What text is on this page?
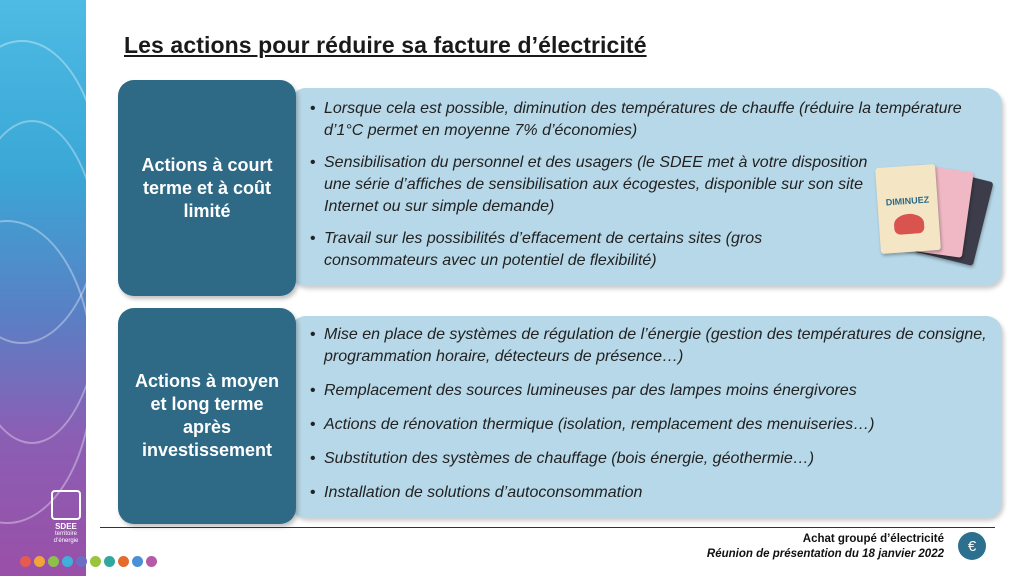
SDEE
territoire d’énergie
Les actions pour réduire sa facture d’électricité
Actions à court terme et à coût limité
• Lorsque cela est possible, diminution des températures de chauffe (réduire la température d’1°C permet en moyenne 7% d’économies)
• Sensibilisation du personnel et des usagers (le SDEE met à votre disposition une série d’affiches de sensibilisation aux écogestes, disponible sur son site Internet ou sur simple demande)
• Travail sur les possibilités d’effacement de certains sites (gros consommateurs avec un potentiel de flexibilité)
DIMINUEZ
Actions à moyen et long terme après investissement
• Mise en place de systèmes de régulation de l’énergie (gestion des températures de consigne, programmation horaire, détecteurs de présence…)
• Remplacement des sources lumineuses par des lampes moins énergivores
• Actions de rénovation thermique (isolation, remplacement des menuiseries…)
• Substitution des systèmes de chauffage (bois énergie, géothermie…)
• Installation de solutions d’autoconsommation
Achat groupé d’électricité
Réunion de présentation du 18 janvier 2022	€
